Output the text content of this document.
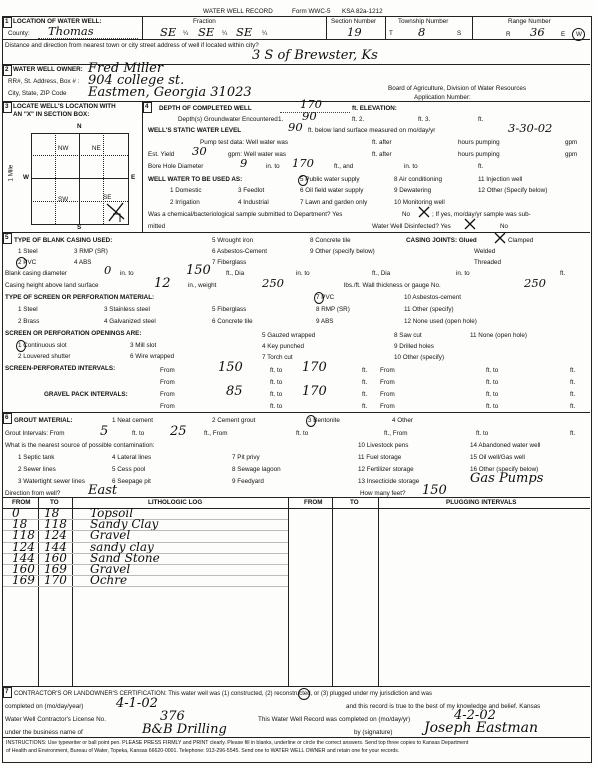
WATER WELL RECORD	Form WWC-5 KSA 82a-1212
1 LOCATION OF WATER WELL:
County: Thomas
Fraction
SE ¼ SE ¼ SE ¼
Section Number
19
Township Number
T 8	S
Range Number
R 36	E W
Distance and direction from nearest town or city street address of well if located within city?
3 S of Brewster, Ks
2 WATER WELL OWNER: Fred Miller
RR#, St. Address, Box # : 904 college st.
City, State, ZIP Code Eastmen, Georgia 31023	Board of Agriculture, Division of Water Resources
Application Number:
3 LOCATE WELL'S LOCATION WITH
AN "X" IN SECTION BOX:
N
S
W	E
NW	NE
SW	SE
1 Mile
4 DEPTH OF COMPLETED WELL	170	ft. ELEVATION:
Depth(s) Groundwater Encountered 1. 90	ft. 2.	ft. 3.	ft.
WELL'S STATIC WATER LEVEL	90 ft. below land surface measured on mo/day/yr	3-30-02
Pump test data: Well water was	ft. after	hours pumping	gpm
Est. Yield 30	gpm: Well water was	ft. after	hours pumping	gpm
Bore Hole Diameter	9	in. to 170	ft., and	in. to	ft.
WELL WATER TO BE USED AS:	5 Public water supply	8 Air conditioning	11 Injection well
1 Domestic	3 Feedlot	6 Oil field water supply	9 Dewatering	12 Other (Specify below)
2 Irrigation	4 Industrial	7 Lawn and garden only	10 Monitoring well
Was a chemical/bacteriological sample submitted to Department? Yes	No	; If yes, mo/day/yr sample was sub-
mitted	Water Well Disinfected? Yes	No
5 TYPE OF BLANK CASING USED:	5 Wrought iron	8 Concrete tile	CASING JOINTS: Glued	Clamped
1 Steel	3 RMP (SR)	6 Asbestos-Cement	9 Other (specify below)	Welded
2 PVC	4 ABS	7 Fiberglass	Threaded
Blank casing diameter	0 in. to	150 ft., Dia	in. to	ft., Dia	in. to	ft.
Casing height above land surface	12	in., weight	250	lbs./ft. Wall thickness or gauge No.	250
TYPE OF SCREEN OR PERFORATION MATERIAL:	7 PVC	10 Asbestos-cement
1 Steel	3 Stainless steel	5 Fiberglass	8 RMP (SR)	11 Other (specify)
2 Brass	4 Galvanized steel	6 Concrete tile	9 ABS	12 None used (open hole)
SCREEN OR PERFORATION OPENINGS ARE:	5 Gauzed wrapped	8 Saw cut	11 None (open hole)
1 Continuous slot	3 Mill slot	4 Key punched	9 Drilled holes
2 Louvered shutter	6 Wire wrapped	7 Torch cut	10 Other (specify)
SCREEN-PERFORATED INTERVALS:	From	150	ft. to 170	ft. From	ft. to	ft.
From	ft. to	ft. From	ft. to	ft.
GRAVEL PACK INTERVALS:	From	85	ft. to 170	ft. From	ft. to	ft.
From	ft. to	ft. From	ft. to	ft.
6 GROUT MATERIAL:	1 Neat cement	2 Cement grout	3 Bentonite	4 Other
Grout Intervals: From	5	ft. to 25	ft., From	ft. to	ft., From	ft. to	ft.
What is the nearest source of possible contamination:	10 Livestock pens	14 Abandoned water well
1 Septic tank	4 Lateral lines	7 Pit privy	11 Fuel storage	15 Oil well/Gas well
2 Sewer lines	5 Cess pool	8 Sewage lagoon	12 Fertilizer storage	16 Other (specify below)
3 Watertight sewer lines	6 Seepage pit	9 Feedyard	13 Insecticide storage	Gas Pumps
Direction from well? East	How many feet? 150
FROM	TO	LITHOLOGIC LOG	FROM	TO	PLUGGING INTERVALS
0 18	Topsoil
18 118 Sandy Clay
118 124 Gravel
124 144 sandy clay
144 160 Sand Stone
160 169 Gravel
169 170 Ochre
7 CONTRACTOR'S OR LANDOWNER'S CERTIFICATION: This water well was (1) constructed, (2) reconstructed, or (3) plugged under my jurisdiction and was
completed on (mo/day/year)	4-1-02	and this record is true to the best of my knowledge and belief. Kansas
Water Well Contractor's License No.	376	This Water Well Record was completed on (mo/day/yr)	4-2-02
under the business name of	B&B Drilling	by (signature) Joseph Eastman
INSTRUCTIONS: Use typewriter or ball point pen. PLEASE PRESS FIRMLY and PRINT clearly. Please fill in blanks, underline or circle the correct answers. Send top three copies to Kansas Department
of Health and Environment, Bureau of Water, Topeka, Kansas 66620-0001. Telephone: 913-296-5545. Send one to WATER WELL OWNER and retain one for your records.
